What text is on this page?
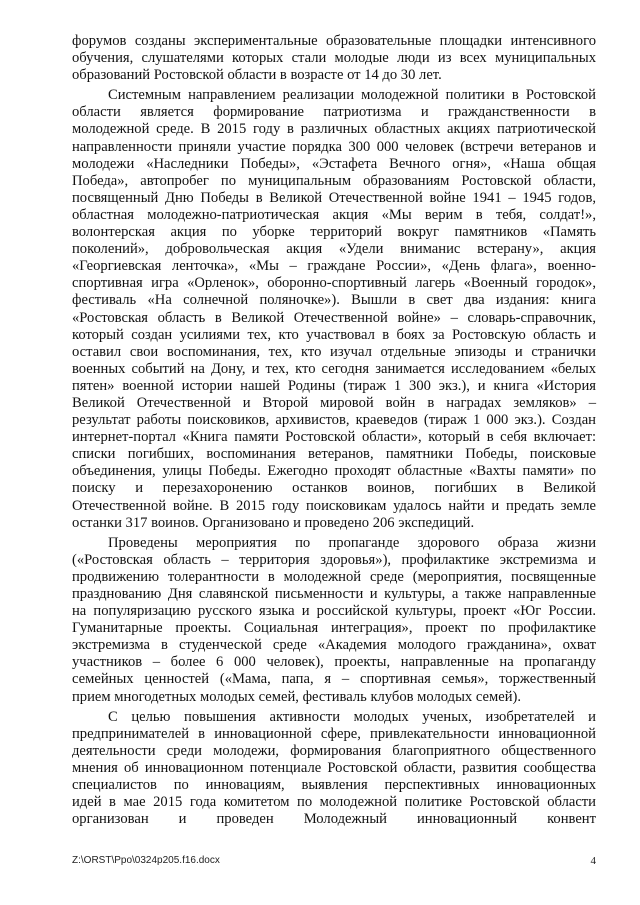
форумов созданы экспериментальные образовательные площадки интенсивного

обучения, слушателями которых стали молодые люди из всех муниципальных

образований Ростовской области в возрасте от 14 до 30 лет.

Системным направлением реализации молодежной политики в Ростовской

области является формирование патриотизма и гражданственности в

молодежной среде. В 2015 году в различных областных акциях патриотической

направленности приняли участие порядка 300 000 человек (встречи ветеранов и

молодежи «Наследники Победы», «Эстафета Вечного огня», «Наша общая

Победа», автопробег по муниципальным образованиям Ростовской области,

посвященный Дню Победы в Великой Отечественной войне 1941 – 1945 годов,

областная молодежно-патриотическая акция «Мы верим в тебя, солдат!»,

волонтерская акция по уборке территорий вокруг памятников «Память

поколений», добровольческая акция «Удели вниманис встерану», акция

«Георгиевская ленточка», «Мы – граждане России», «День флага», военно-

спортивная игра «Орленок», оборонно-спортивный лагерь «Военный городок»,

фестиваль «На солнечной полянoчке»). Вышли в свет два издания: книга

«Ростовская область в Великой Отечественной войне» – словарь-справочник,

который создан усилиями тех, кто участвовал в боях за Ростовскую область и

оставил свои воспоминания, тех, кто изучал отдельные эпизоды и странички

военных событий на Дону, и тех, кто сегодня занимается исследованием «белых

пятен» военной истории нашей Родины (тираж 1 300 экз.), и книга «История

Великой Отечественной и Второй мировой войн в наградах земляков» –

результат работы поисковиков, архивистов, краеведов (тираж 1 000 экз.). Создан

интернет-портал «Книга памяти Ростовской области», который в себя включает:

списки погибших, воспоминания ветеранов, памятники Победы, поисковые

объединения, улицы Победы. Ежегодно проходят областные «Вахты памяти» по

поиску и перезахоронению останков воинов, погибших в Великой

Отечественной войне. В 2015 году поисковикам удалось найти и предать земле

останки 317 воинов. Организовано и проведено 206 экспедиций.

Проведены мероприятия по пропаганде здорового образа жизни

(«Ростовская область – территория здоровья»), профилактике экстремизма и

продвижению толерантности в молодежной среде (мероприятия, посвященные

празднованию Дня славянской письменности и культуры, а также направленные

на популяризацию русского языка и российской культуры, проект «Юг России.

Гуманитарные проекты. Социальная интеграция», проект по профилактике

экстремизма в студенческой среде «Академия молодого гражданина», охват

участников – более 6 000 человек), проекты, направленные на пропаганду

семейных ценностей («Мама, папа, я – спортивная семья», торжественный

прием многодетных молодых семей, фестиваль клубов молодых семей).

С целью повышения активности молодых ученых, изобретателей и

предпринимателей в инновационной сфере, привлекательности инновационной

деятельности среди молодежи, формирования благоприятного общественного

мнения об инновационном потенциале Ростовской области, развития сообщества

специалистов по инновациям, выявления перспективных инновационных

идей в мае 2015 года комитетом по молодежной политике Ростовской области

организован и проведен Молодежный инновационный конвент

Z:\ORST\Ppo\0324p205.f16.docx	4
